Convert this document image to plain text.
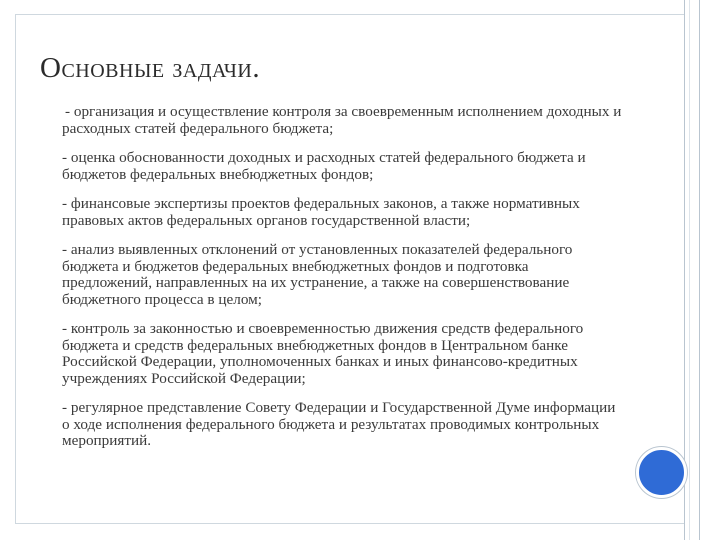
Основные задачи.

- организация и осуществление контроля за своевременным исполнением доходных и расходных статей федерального бюджета;

- оценка обоснованности доходных и расходных статей федерального бюджета и бюджетов федеральных внебюджетных фондов;

- финансовые экспертизы проектов федеральных законов, а также нормативных правовых актов федеральных органов государственной власти;

- анализ выявленных отклонений от установленных показателей федерального бюджета и бюджетов федеральных внебюджетных фондов и подготовка предложений, направленных на их устранение, а также на совершенствование бюджетного процесса в целом;

- контроль за законностью и своевременностью движения средств федерального бюджета и средств федеральных внебюджетных фондов в Центральном банке Российской Федерации, уполномоченных банках и иных финансово-кредитных учреждениях Российской Федерации;

- регулярное представление Совету Федерации и Государственной Думе информации о ходе исполнения федерального бюджета и результатах проводимых контрольных мероприятий.
